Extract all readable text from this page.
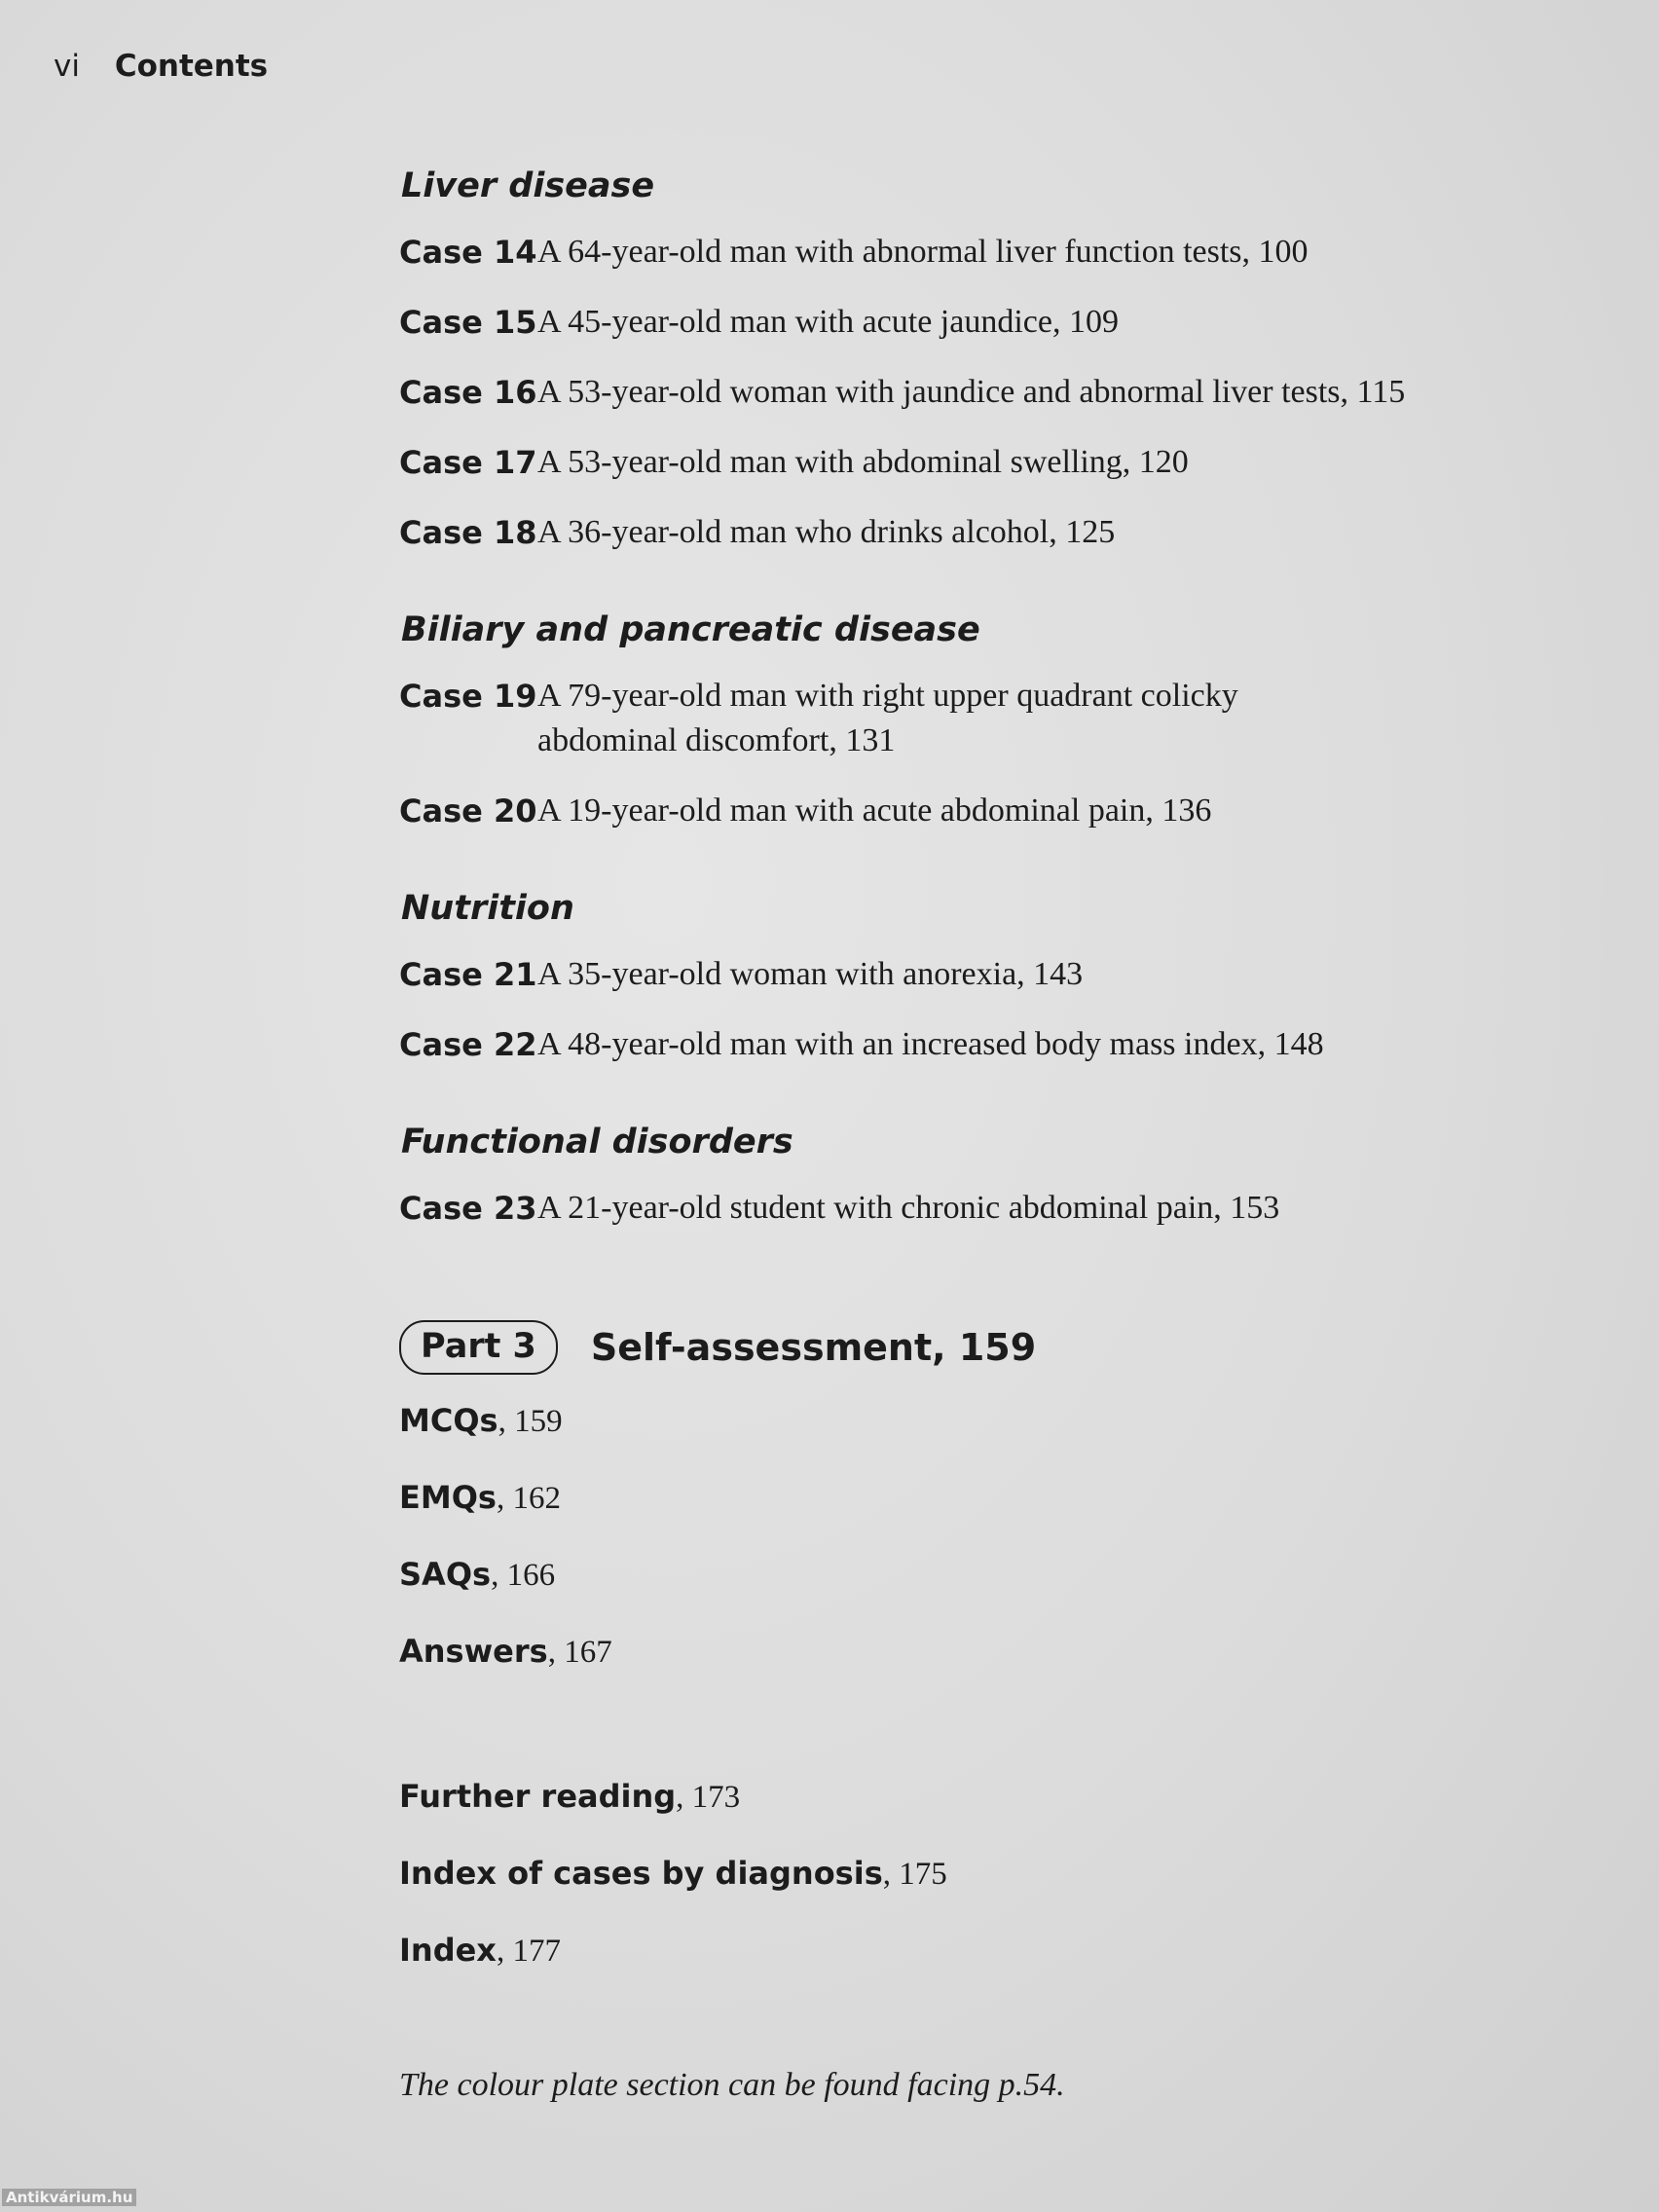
vi Contents
Liver disease
Case 14 A 64-year-old man with abnormal liver function tests, 100
Case 15 A 45-year-old man with acute jaundice, 109
Case 16 A 53-year-old woman with jaundice and abnormal liver tests, 115
Case 17 A 53-year-old man with abdominal swelling, 120
Case 18 A 36-year-old man who drinks alcohol, 125
Biliary and pancreatic disease
Case 19 A 79-year-old man with right upper quadrant colicky abdominal discomfort, 131
Case 20 A 19-year-old man with acute abdominal pain, 136
Nutrition
Case 21 A 35-year-old woman with anorexia, 143
Case 22 A 48-year-old man with an increased body mass index, 148
Functional disorders
Case 23 A 21-year-old student with chronic abdominal pain, 153
Part 3	Self-assessment, 159
MCQs, 159
EMQs, 162
SAQs, 166
Answers, 167
Further reading, 173
Index of cases by diagnosis, 175
Index, 177
The colour plate section can be found facing p.54.
Antikvárium.hu
